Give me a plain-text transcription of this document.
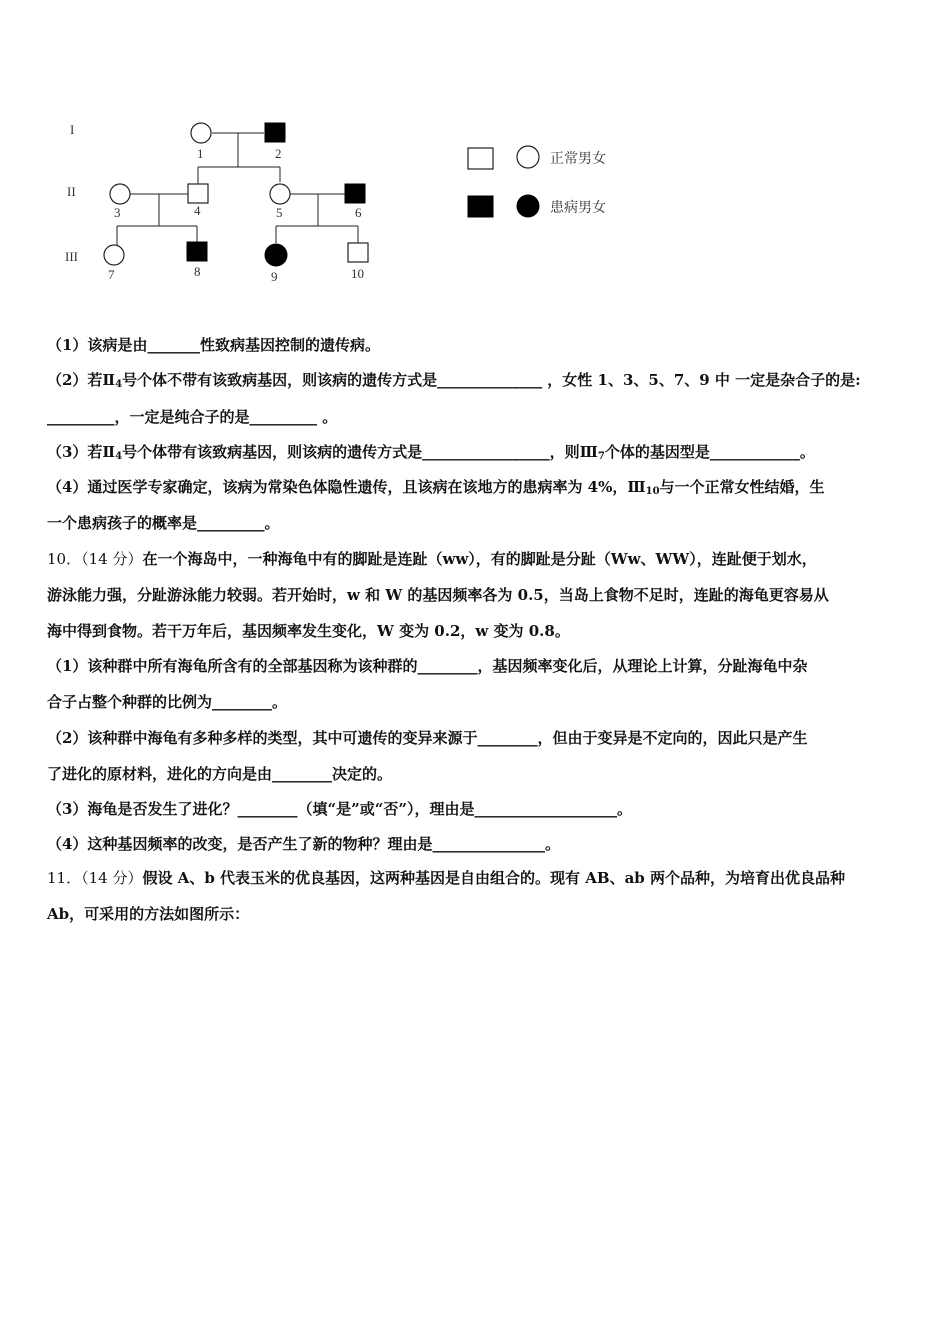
I
II
III
1	2
3	4	5	6
7	8	9	10
正常男女
患病男女
（1）该病是由_______性致病基因控制的遗传病。
（2）若$Ⅱ_4$号个体不带有该致病基因，则该病的遗传方式是______________ ，女性 1、3、5、7、9 中 一定是杂合子的是:
_________，一定是纯合子的是_________ 。
（3）若$Ⅱ_4$号个体带有该致病基因，则该病的遗传方式是_________________，则$Ⅲ_7$个体的基因型是____________。
（4）通过医学专家确定，该病为常染色体隐性遗传，且该病在该地方的患病率为 4%，$Ⅲ_{10}$与一个正常女性结婚，生
一个患病孩子的概率是_________。
10．（14 分）在一个海岛中，一种海龟中有的脚趾是连趾（ww），有的脚趾是分趾（Ww、WW），连趾便于划水，
游泳能力强，分趾游泳能力较弱。若开始时，w 和 W 的基因频率各为 0.5，当岛上食物不足时，连趾的海龟更容易从
海中得到食物。若干万年后，基因频率发生变化，W 变为 0.2，w 变为 0.8。
（1）该种群中所有海龟所含有的全部基因称为该种群的________，基因频率变化后，从理论上计算，分趾海龟中杂
合子占整个种群的比例为________。
（2）该种群中海龟有多种多样的类型，其中可遗传的变异来源于________，但由于变异是不定向的，因此只是产生
了进化的原材料，进化的方向是由________决定的。
（3）海龟是否发生了进化？________（填“是”或“否”），理由是___________________。
（4）这种基因频率的改变，是否产生了新的物种？理由是_______________。
11．（14 分）假设 A、b 代表玉米的优良基因，这两种基因是自由组合的。现有 AB、ab 两个品种，为培育出优良品种
Ab，可采用的方法如图所示：
